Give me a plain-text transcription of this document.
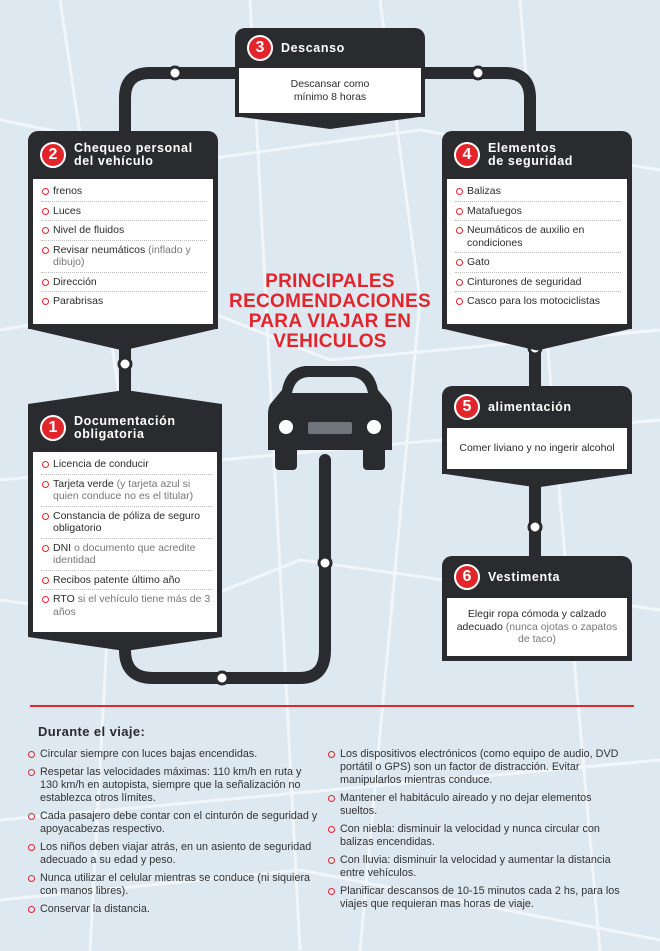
PRINCIPALES RECOMENDACIONES PARA VIAJAR EN VEHICULOS
3	Descanso
Descansar como
mínimo 8 horas
2	Chequeo personal
del vehículo
frenos
Luces
Nivel de fluidos
Revisar neumáticos (inflado y dibujo)
Dirección
Parabrisas
4	Elementos
de seguridad
Balizas
Matafuegos
Neumáticos de auxilio en condiciones
Gato
Cinturones de seguridad
Casco para los motociclistas
1	Documentación
obligatoria
Licencia de conducir
Tarjeta verde (y tarjeta azul si quien conduce no es el titular)
Constancia de póliza de seguro obligatorio
DNI o documento que acredite identidad
Recibos patente último año
RTO si el vehículo tiene más de 3 años
5	alimentación
Comer liviano y no ingerir alcohol
6	Vestimenta
Elegir ropa cómoda y calzado adecuado (nunca ojotas o zapatos de taco)
Durante el viaje:
Circular siempre con luces bajas encendidas.
Respetar las velocidades máximas: 110 km/h en ruta y 130 km/h en autopista, siempre que la señalización no establezca otros límites.
Cada pasajero debe contar con el cinturón de seguridad y apoyacabezas respectivo.
Los niños deben viajar atrás, en un asiento de seguridad adecuado a su edad y peso.
Nunca utilizar el celular mientras se conduce (ni siquiera con manos libres).
Conservar la distancia.
Los dispositivos electrónicos (como equipo de audio, DVD portátil o GPS) son un factor de distracción. Evitar manipularlos mientras conduce.
Mantener el habitáculo aireado y no dejar elementos sueltos.
Con niebla: disminuir la velocidad y nunca circular con balizas encendidas.
Con lluvia: disminuir la velocidad y aumentar la distancia entre vehículos.
Planificar descansos de 10-15 minutos cada 2 hs, para los viajes que requieran mas horas de viaje.
